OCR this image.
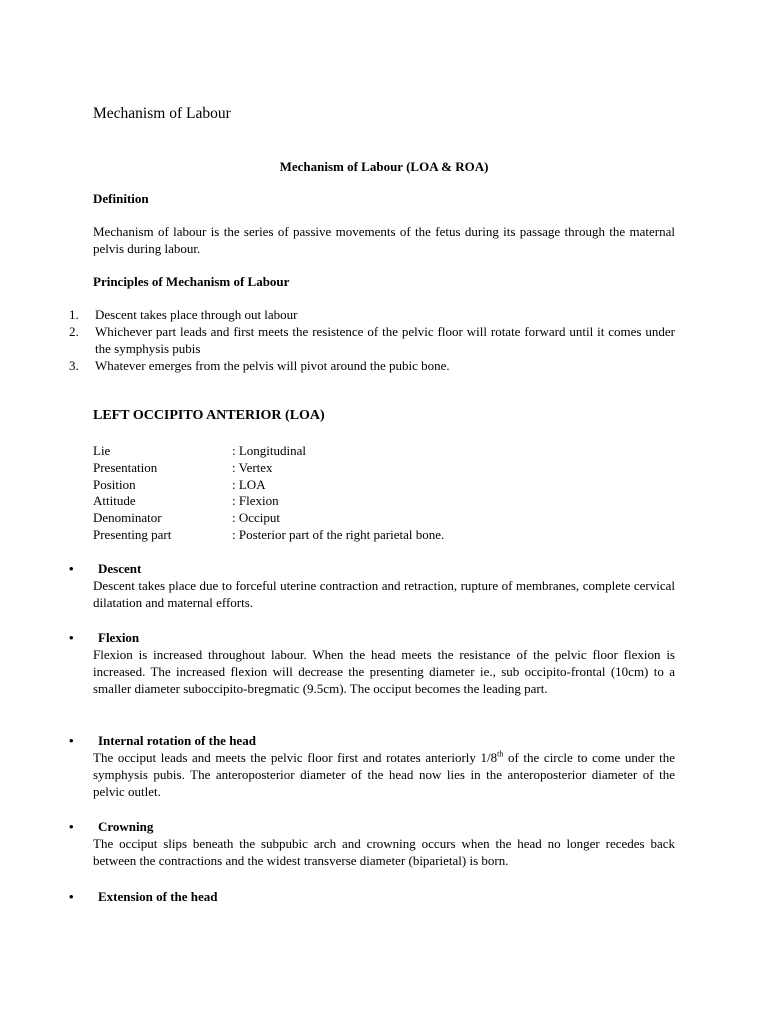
Mechanism of Labour
Mechanism of Labour (LOA & ROA)
Definition
Mechanism of labour is the series of passive movements of the fetus during its passage through the maternal pelvis during labour.
Principles of Mechanism of Labour
1. Descent takes place through out labour
2. Whichever part leads and first meets the resistence of the pelvic floor will rotate forward until it comes under the symphysis pubis
3. Whatever emerges from the pelvis will pivot around the pubic bone.
LEFT OCCIPITO ANTERIOR (LOA)
Lie	: Longitudinal
Presentation	: Vertex
Position	: LOA
Attitude	: Flexion
Denominator	: Occiput
Presenting part	: Posterior part of the right parietal bone.
• Descent
Descent takes place due to forceful uterine contraction and retraction, rupture of membranes, complete cervical dilatation and maternal efforts.
• Flexion
Flexion is increased throughout labour. When the head meets the resistance of the pelvic floor flexion is increased. The increased flexion will decrease the presenting diameter ie., sub occipito-frontal (10cm) to a smaller diameter suboccipito-bregmatic (9.5cm). The occiput becomes the leading part.
• Internal rotation of the head
The occiput leads and meets the pelvic floor first and rotates anteriorly 1/8th of the circle to come under the symphysis pubis. The anteroposterior diameter of the head now lies in the anteroposterior diameter of the pelvic outlet.
• Crowning
The occiput slips beneath the subpubic arch and crowning occurs when the head no longer recedes back between the contractions and the widest transverse diameter (biparietal) is born.
• Extension of the head
